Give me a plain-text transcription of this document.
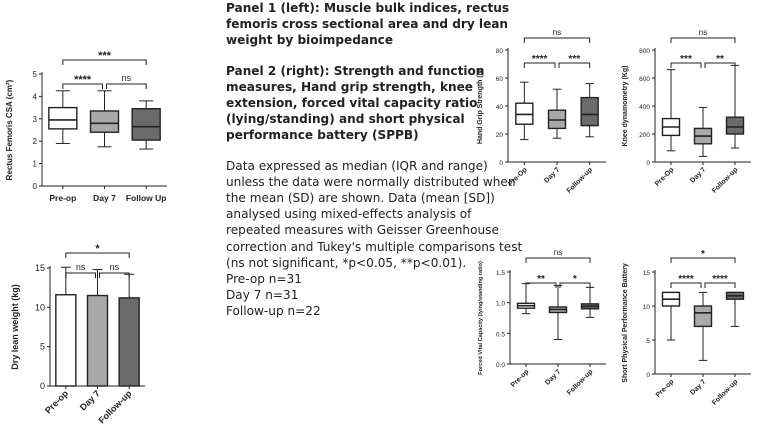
0
1
2
3
4
5
Rectus Femoris CSA (cm²)
Pre-op Day 7 Follow Up
***
****	ns
0
5
10
15
Dry lean weight (kg)
Pre-op Day 7
Follow-up
*
ns	ns

Panel 1 (left): Muscle bulk indices, rectus femoris cross sectional area and dry lean weight by bioimpedance

Panel 2 (right): Strength and function measures, Hand grip strength, knee extension, forced vital capacity ratio (lying/standing) and short physical performance battery (SPPB)

Data expressed as median (IQR and range) unless the data were normally distributed when the mean (SD) are shown. Data (mean [SD]) analysed using mixed-effects analysis of repeated measures with Geisser Greenhouse correction and Tukey's multiple comparisons test (ns not significant, *p<0.05, **p<0.01).
Pre-op n=31
Day 7 n=31
Follow-up n=22

0
20
40
60
80
Hand Grip Strength (N)
Pre-Op Day 7 Follow-up
ns
**** ***
0
200
400
600
800
Knee dynamometry (Kg)
Pre-Op Day 7 Follow-up
ns
*** **
0.0
0.5
1.0
1.5
Forced Vital Capacity (lying/standing ratio)
Pre-op Day 7 Follow-up
ns
**	*
0
5
10
15
Short Physical Performance Battery
Pre-op Day 7 Follow-up
*
**** ****
